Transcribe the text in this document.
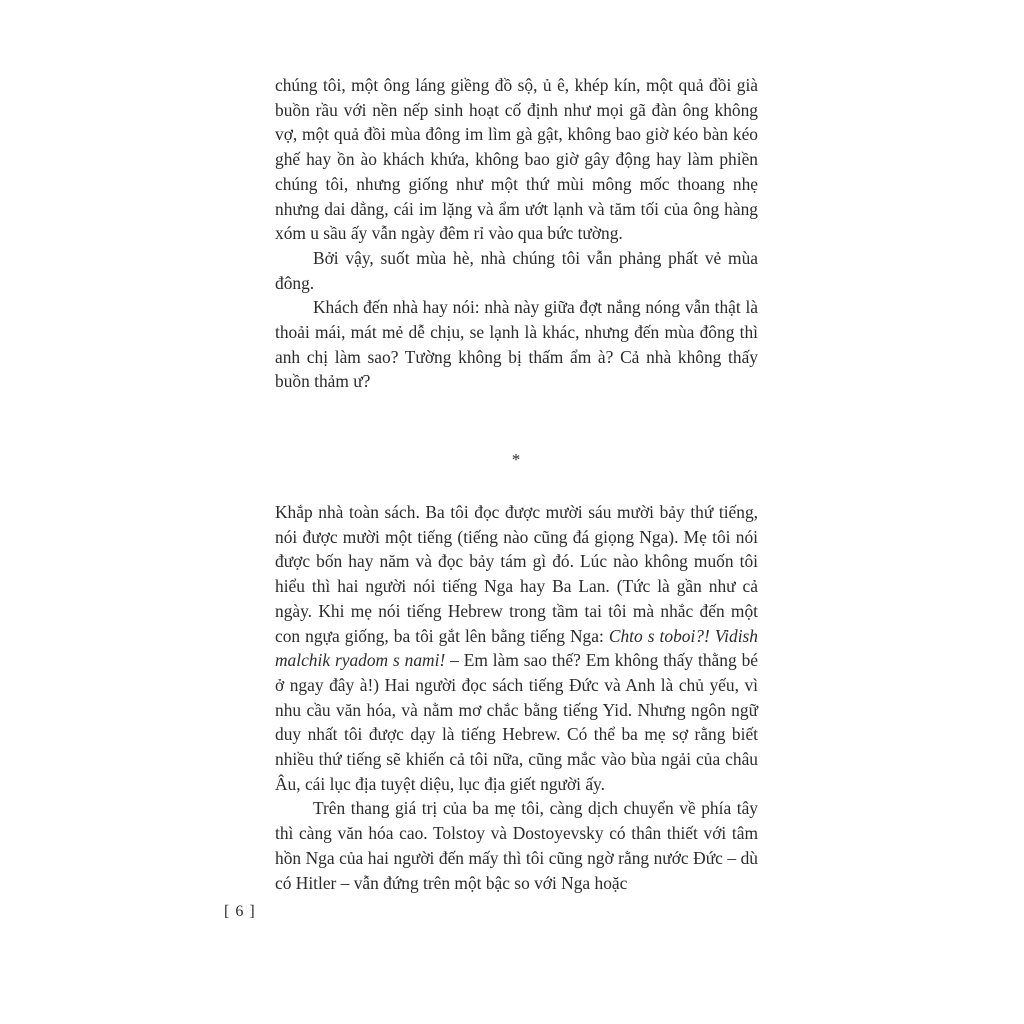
chúng tôi, một ông láng giềng đồ sộ, ủ ê, khép kín, một quả đồi già buồn rầu với nền nếp sinh hoạt cố định như mọi gã đàn ông không vợ, một quả đồi mùa đông im lìm gà gật, không bao giờ kéo bàn kéo ghế hay ồn ào khách khứa, không bao giờ gây động hay làm phiền chúng tôi, nhưng giống như một thứ mùi mông mốc thoang nhẹ nhưng dai dẳng, cái im lặng và ẩm ướt lạnh và tăm tối của ông hàng xóm u sầu ấy vẫn ngày đêm rỉ vào qua bức tường.

Bởi vậy, suốt mùa hè, nhà chúng tôi vẫn phảng phất vẻ mùa đông.

Khách đến nhà hay nói: nhà này giữa đợt nắng nóng vẫn thật là thoải mái, mát mẻ dễ chịu, se lạnh là khác, nhưng đến mùa đông thì anh chị làm sao? Tường không bị thấm ẩm à? Cả nhà không thấy buồn thảm ư?

*

Khắp nhà toàn sách. Ba tôi đọc được mười sáu mười bảy thứ tiếng, nói được mười một tiếng (tiếng nào cũng đá giọng Nga). Mẹ tôi nói được bốn hay năm và đọc bảy tám gì đó. Lúc nào không muốn tôi hiểu thì hai người nói tiếng Nga hay Ba Lan. (Tức là gần như cả ngày. Khi mẹ nói tiếng Hebrew trong tầm tai tôi mà nhắc đến một con ngựa giống, ba tôi gắt lên bằng tiếng Nga: Chto s toboi?! Vidish malchik ryadom s nami! – Em làm sao thế? Em không thấy thằng bé ở ngay đây à!) Hai người đọc sách tiếng Đức và Anh là chủ yếu, vì nhu cầu văn hóa, và nằm mơ chắc bằng tiếng Yid. Nhưng ngôn ngữ duy nhất tôi được dạy là tiếng Hebrew. Có thể ba mẹ sợ rằng biết nhiều thứ tiếng sẽ khiến cả tôi nữa, cũng mắc vào bùa ngải của châu Âu, cái lục địa tuyệt diệu, lục địa giết người ấy.

Trên thang giá trị của ba mẹ tôi, càng dịch chuyển về phía tây thì càng văn hóa cao. Tolstoy và Dostoyevsky có thân thiết với tâm hồn Nga của hai người đến mấy thì tôi cũng ngờ rằng nước Đức – dù có Hitler – vẫn đứng trên một bậc so với Nga hoặc

[ 6 ]
